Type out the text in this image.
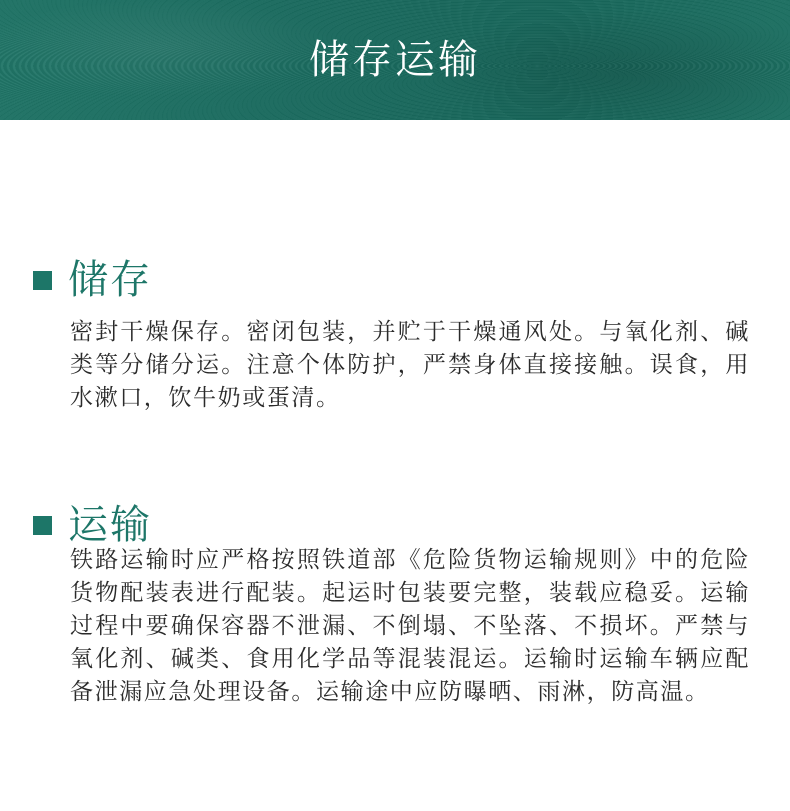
储存运输
储存
密封干燥保存。密闭包装，并贮于干燥通风处。与氧化剂、碱类等分储分运。注意个体防护，严禁身体直接接触。误食，用水漱口，饮牛奶或蛋清。
运输
铁路运输时应严格按照铁道部《危险货物运输规则》中的危险货物配装表进行配装。起运时包装要完整，装载应稳妥。运输过程中要确保容器不泄漏、不倒塌、不坠落、不损坏。严禁与氧化剂、碱类、食用化学品等混装混运。运输时运输车辆应配备泄漏应急处理设备。运输途中应防曝晒、雨淋，防高温。
